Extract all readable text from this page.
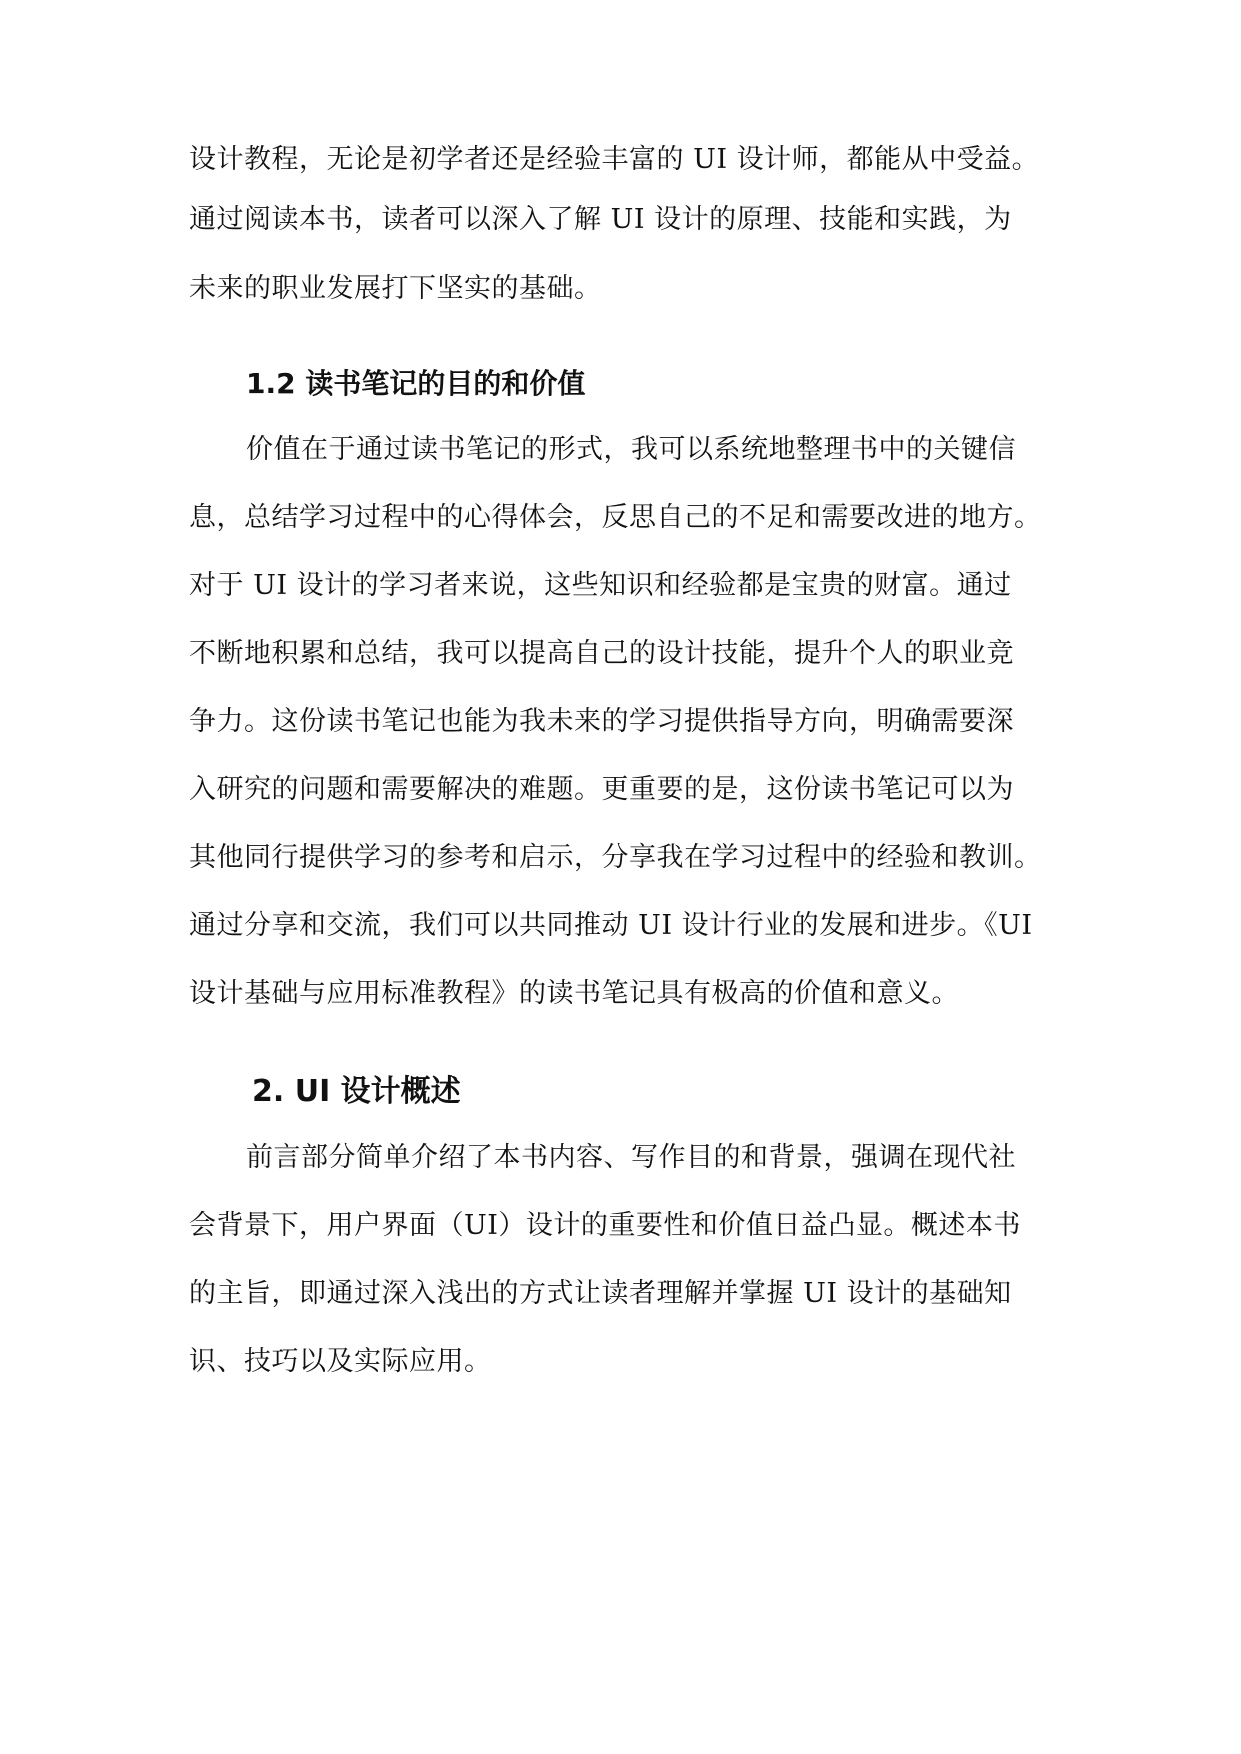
设计教程，无论是初学者还是经验丰富的 UI 设计师，都能从中受益。
通过阅读本书，读者可以深入了解 UI 设计的原理、技能和实践，为
未来的职业发展打下坚实的基础。
1.2 读书笔记的目的和价值
价值在于通过读书笔记的形式，我可以系统地整理书中的关键信
息，总结学习过程中的心得体会，反思自己的不足和需要改进的地方。
对于 UI 设计的学习者来说，这些知识和经验都是宝贵的财富。通过
不断地积累和总结，我可以提高自己的设计技能，提升个人的职业竞
争力。这份读书笔记也能为我未来的学习提供指导方向，明确需要深
入研究的问题和需要解决的难题。更重要的是，这份读书笔记可以为
其他同行提供学习的参考和启示，分享我在学习过程中的经验和教训。
通过分享和交流，我们可以共同推动 UI 设计行业的发展和进步。《UI
设计基础与应用标准教程》的读书笔记具有极高的价值和意义。
2. UI 设计概述
前言部分简单介绍了本书内容、写作目的和背景，强调在现代社
会背景下，用户界面（UI）设计的重要性和价值日益凸显。概述本书
的主旨，即通过深入浅出的方式让读者理解并掌握 UI 设计的基础知
识、技巧以及实际应用。
